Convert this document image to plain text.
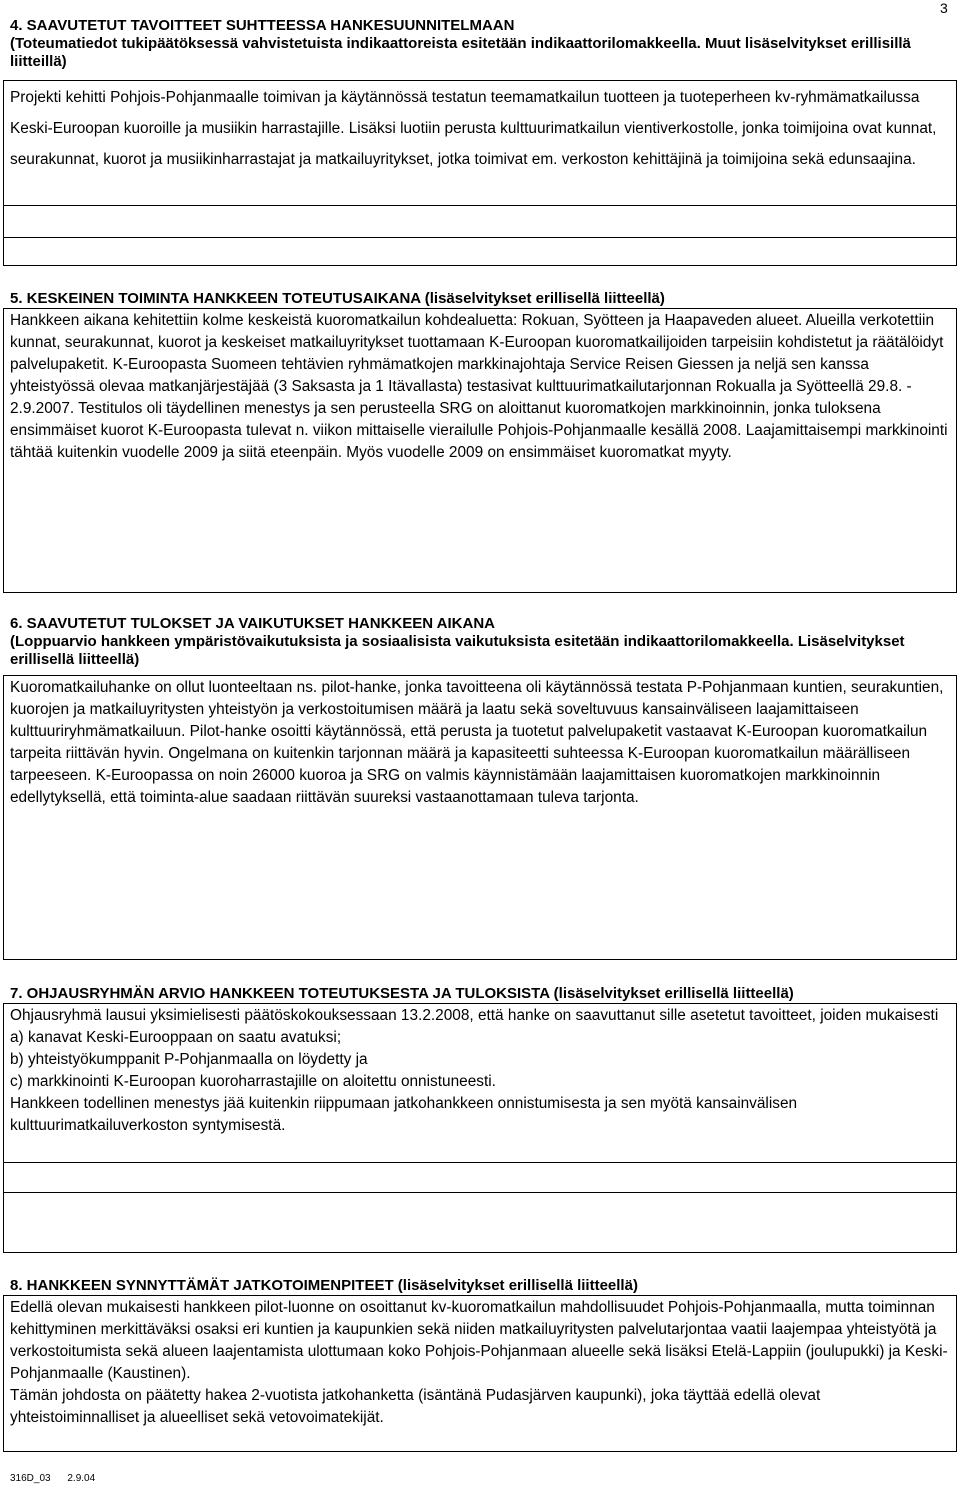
3
4. SAAVUTETUT TAVOITTEET SUHTTEESSA HANKESUUNNITELMAAN
(Toteumatiedot tukipäätöksessä vahvistetuista indikaattoreista esitetään indikaattorilomakkeella. Muut lisäselvitykset erillisillä liitteillä)

Projekti kehitti Pohjois-Pohjanmaalle toimivan ja käytännössä testatun teemamatkailun tuotteen ja tuoteperheen kv-ryhmämatkailussa Keski-Euroopan kuoroille ja musiikin harrastajille. Lisäksi luotiin perusta kulttuurimatkailun vientiverkostolle, jonka toimijoina ovat kunnat, seurakunnat, kuorot ja musiikinharrastajat ja matkailuyritykset, jotka toimivat em. verkoston kehittäjinä ja toimijoina sekä edunsaajina.

5. KESKEINEN TOIMINTA HANKKEEN TOTEUTUSAIKANA (lisäselvitykset erillisellä liitteellä)

Hankkeen aikana kehitettiin kolme keskeistä kuoromatkailun kohdealuetta: Rokuan, Syötteen ja Haapaveden alueet. Alueilla verkotettiin kunnat, seurakunnat, kuorot ja keskeiset matkailuyritykset tuottamaan K-Euroopan kuoromatkailijoiden tarpeisiin kohdistetut ja räätälöidyt palvelupaketit. K-Euroopasta Suomeen tehtävien ryhmämatkojen markkinajohtaja Service Reisen Giessen ja neljä sen kanssa yhteistyössä olevaa matkanjärjestäjää (3 Saksasta ja 1 Itävallasta) testasivat kulttuurimatkailutarjonnan Rokualla ja Syötteellä 29.8. - 2.9.2007. Testitulos oli täydellinen menestys ja sen perusteella SRG on aloittanut kuoromatkojen markkinoinnin, jonka tuloksena ensimmäiset kuorot K-Euroopasta tulevat n. viikon mittaiselle vierailulle Pohjois-Pohjanmaalle kesällä 2008. Laajamittaisempi markkinointi tähtää kuitenkin vuodelle 2009 ja siitä eteenpäin. Myös vuodelle 2009 on ensimmäiset kuoromatkat myyty.

6. SAAVUTETUT TULOKSET JA VAIKUTUKSET HANKKEEN AIKANA
(Loppuarvio hankkeen ympäristövaikutuksista ja sosiaalisista vaikutuksista esitetään indikaattorilomakkeella. Lisäselvitykset erillisellä liitteellä)

Kuoromatkailuhanke on ollut luonteeltaan ns. pilot-hanke, jonka tavoitteena oli käytännössä testata P-Pohjanmaan kuntien, seurakuntien, kuorojen ja matkailuyritysten yhteistyön ja verkostoitumisen määrä ja laatu sekä soveltuvuus kansainväliseen laajamittaiseen kulttuuriryhmämatkailuun. Pilot-hanke osoitti käytännössä, että perusta ja tuotetut palvelupaketit vastaavat K-Euroopan kuoromatkailun tarpeita riittävän hyvin. Ongelmana on kuitenkin tarjonnan määrä ja kapasiteetti suhteessa K-Euroopan kuoromatkailun määrälliseen tarpeeseen. K-Euroopassa on noin 26000 kuoroa ja SRG on valmis käynnistämään laajamittaisen kuoromatkojen markkinoinnin edellytyksellä, että toiminta-alue saadaan riittävän suureksi vastaanottamaan tuleva tarjonta.

7. OHJAUSRYHMÄN ARVIO HANKKEEN TOTEUTUKSESTA JA TULOKSISTA (lisäselvitykset erillisellä liitteellä)

Ohjausryhmä lausui yksimielisesti päätöskokouksessaan 13.2.2008, että hanke on saavuttanut sille asetetut tavoitteet, joiden mukaisesti

a) kanavat Keski-Eurooppaan on saatu avatuksi;

b) yhteistyökumppanit P-Pohjanmaalla on löydetty ja

c) markkinointi K-Euroopan kuoroharrastajille on aloitettu onnistuneesti.

Hankkeen todellinen menestys jää kuitenkin riippumaan jatkohankkeen onnistumisesta ja sen myötä kansainvälisen kulttuurimatkailuverkoston syntymisestä.

8. HANKKEEN SYNNYTTÄMÄT JATKOTOIMENPITEET (lisäselvitykset erillisellä liitteellä)

Edellä olevan mukaisesti hankkeen pilot-luonne on osoittanut kv-kuoromatkailun mahdollisuudet Pohjois-Pohjanmaalla, mutta toiminnan kehittyminen merkittäväksi osaksi eri kuntien ja kaupunkien sekä niiden matkailuyritysten palvelutarjontaa vaatii laajempaa yhteistyötä ja verkostoitumista sekä alueen laajentamista ulottumaan koko Pohjois-Pohjanmaan alueelle sekä lisäksi Etelä-Lappiin (joulupukki) ja Keski-Pohjanmaalle (Kaustinen).

Tämän johdosta on päätetty hakea 2-vuotista jatkohanketta (isäntänä Pudasjärven kaupunki), joka täyttää edellä olevat yhteistoiminnalliset ja alueelliset sekä vetovoimatekijät.

316D_03 2.9.04
